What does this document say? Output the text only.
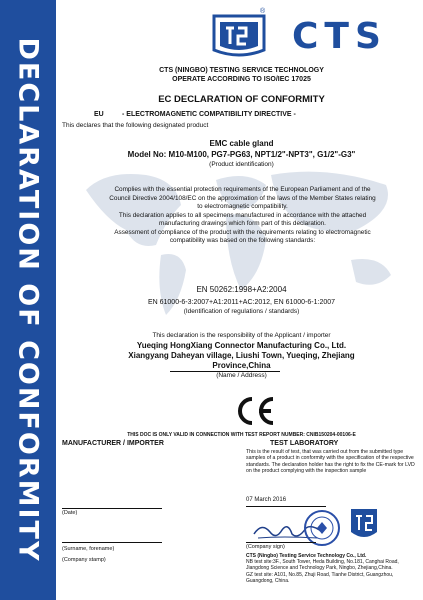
DECLARATION OF CONFORMITY
®
CTS
CTS (NINGBO) TESTING SERVICE TECHNOLOGY
OPERATE ACCORDING TO ISO/IEC 17025
EC DECLARATION OF CONFORMITY
EU	- ELECTROMAGNETIC COMPATIBILITY DIRECTIVE -
This declares that the following designated product
EMC cable gland
Model No: M10-M100, PG7-PG63, NPT1/2"-NPT3", G1/2"-G3"
(Product identification)
Complies with the essential protection requirements of the European Parliament and of the
Council Directive 2004/108/EC on the approximation of the laws of the Member States relating
to electromagnetic compatibility.
This declaration applies to all specimens manufactured in accordance with the attached
manufacturing drawings which form part of this declaration.
Assessment of compliance of the product with the requirements relating to electromagnetic
compatibility was based on the following standards:
EN 50262:1998+A2:2004
EN 61000-6-3:2007+A1:2011+AC:2012, EN 61000-6-1:2007
(Identification of regulations / standards)
This declaration is the responsibility of the Applicant / importer
Yueqing HongXiang Connector Manufacturing Co., Ltd.
Xiangyang Daheyan village, Liushi Town, Yueqing, Zhejiang
Province,China
(Name / Address)
THIS DOC IS ONLY VALID IN CONNECTION WITH TEST REPORT NUMBER: CNIB150204-00106-E
MANUFACTURER / IMPORTER	TEST LABORATORY
This is the result of test, that was carried out from the submitted type samples of a product in conformity with the specification of the respective standards. The declaration holder has the right to fix the CE-mark for LVD on the product complying with the inspection sample
07 March 2016
(Date)
(Surname, forename)	(Company sign)
(Company stamp)
CTS (Ningbo) Testing Service Technology Co., Ltd.
NB test site:3F., South Tower, Heda Building, No.181, Canghai Road, Jiangdong Science and Technology Park, Ningbo, Zhejiang,China.
GZ test site: A101, No.85, Zhuji Road, Tianhe District, Guangzhou, Guangdong, China.
